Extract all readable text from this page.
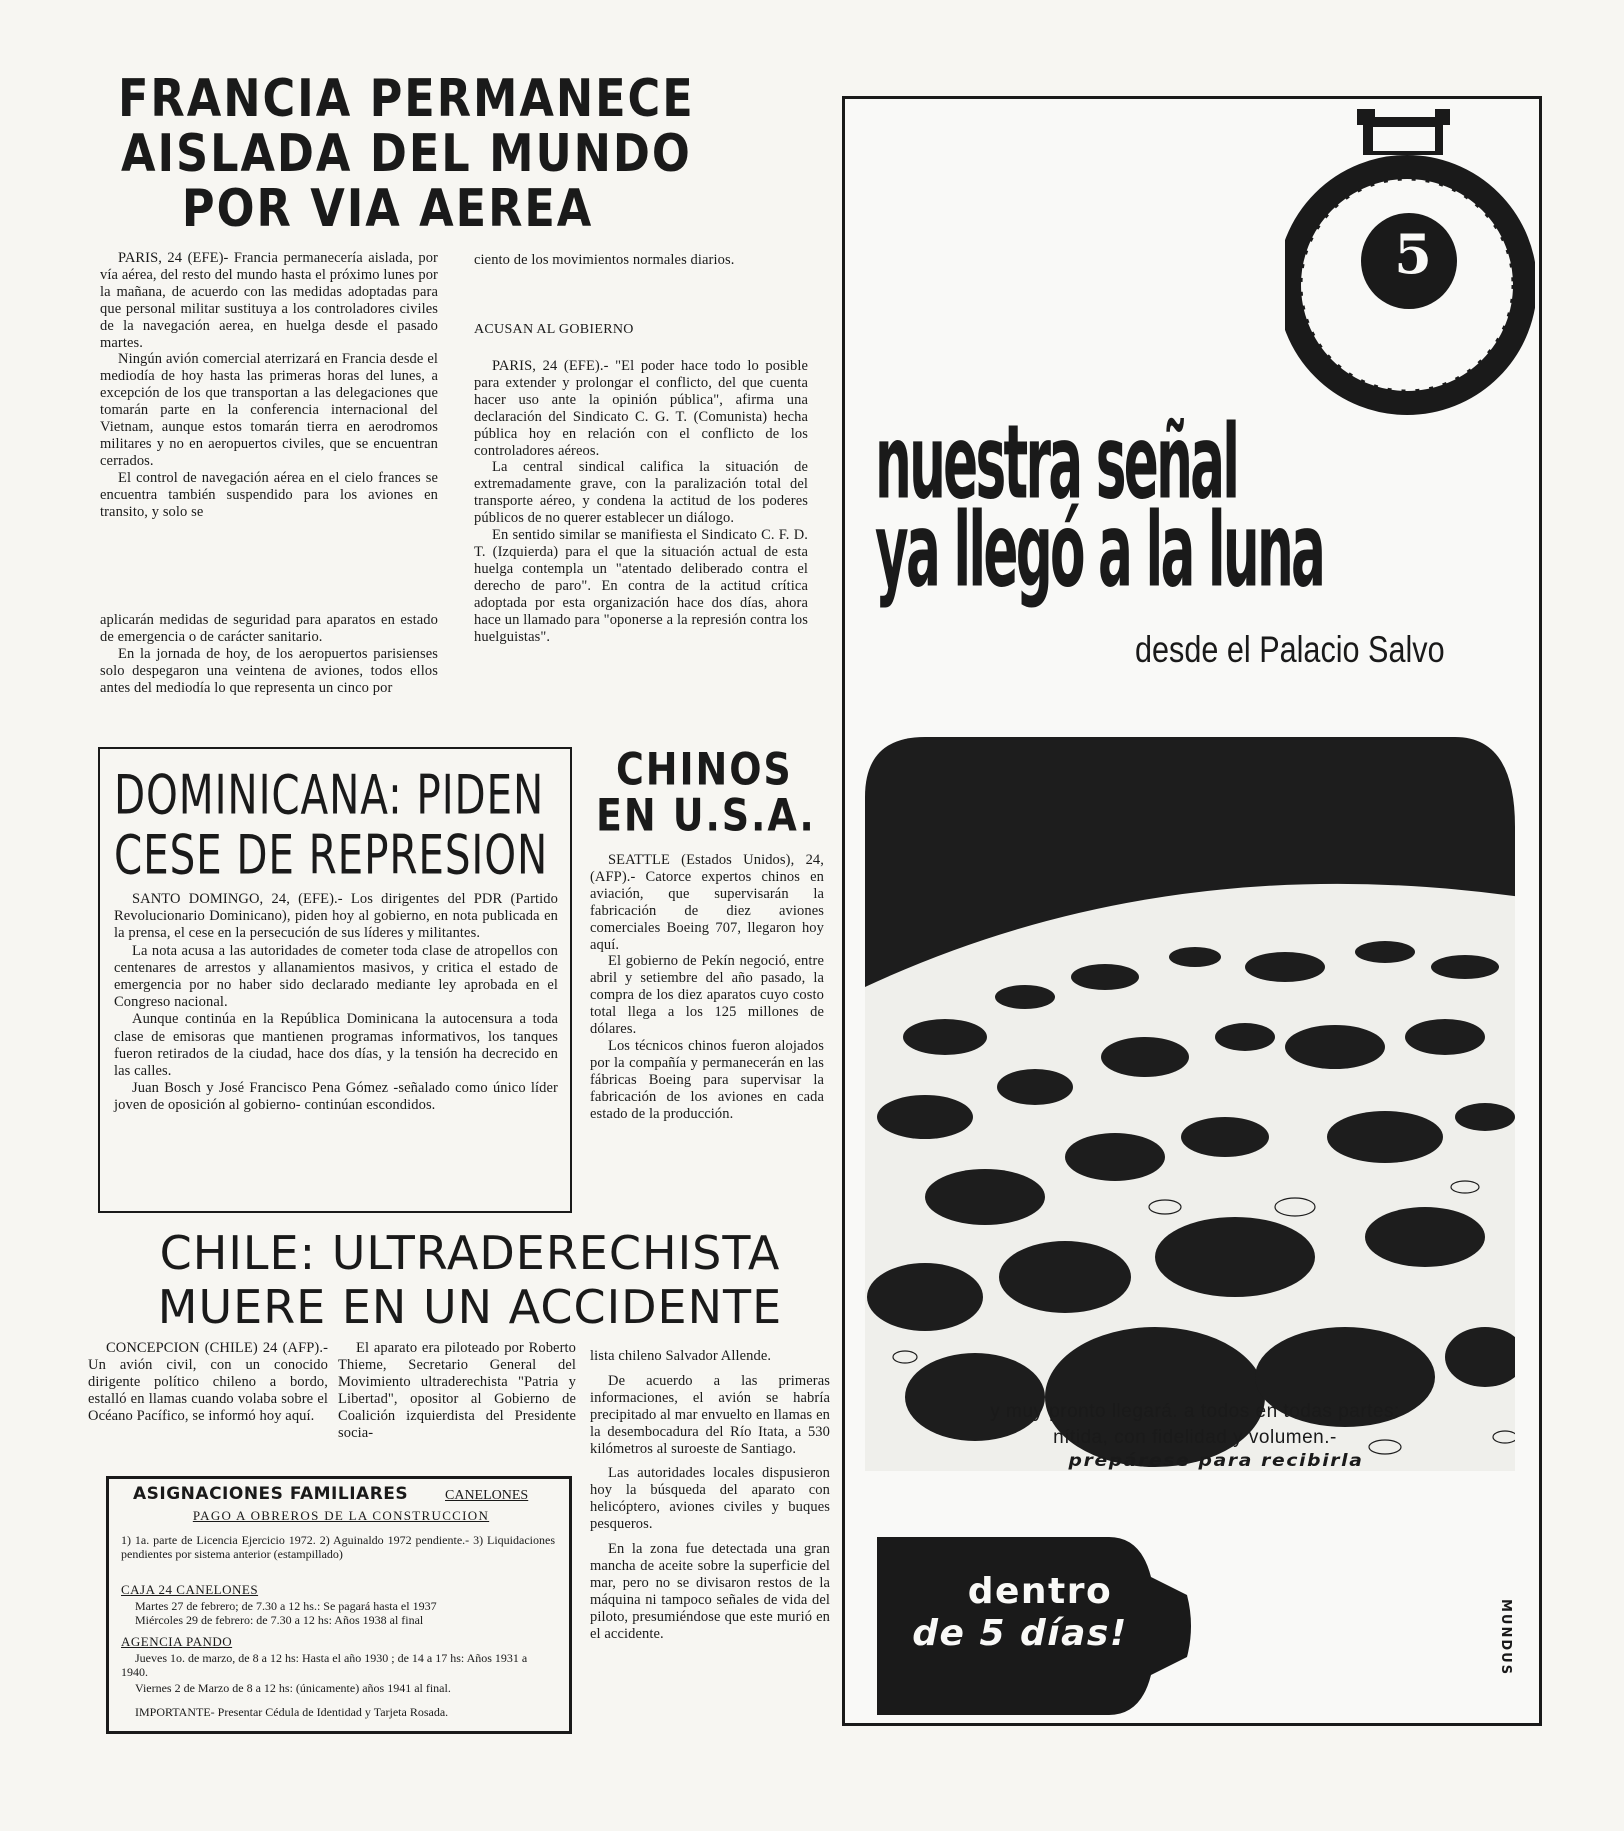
FRANCIA PERMANECE
AISLADA DEL MUNDO
POR VIA AEREA

PARIS, 24 (EFE)- Francia permanecería aislada, por vía aérea, del resto del mundo hasta el próximo lunes por la mañana, de acuerdo con las medidas adoptadas para que personal militar sustituya a los controladores civiles de la navegación aerea, en huelga desde el pasado martes.

Ningún avión comercial aterrizará en Francia desde el mediodía de hoy hasta las primeras horas del lunes, a excepción de los que transportan a las delegaciones que tomarán parte en la conferencia internacional del Vietnam, aunque estos tomarán tierra en aerodromos militares y no en aeropuertos civiles, que se encuentran cerrados.

El control de navegación aérea en el cielo frances se encuentra también suspendido para los aviones en transito, y solo se

aplicarán medidas de seguridad para aparatos en estado de emergencia o de carácter sanitario.

En la jornada de hoy, de los aeropuertos parisienses solo despegaron una veintena de aviones, todos ellos antes del mediodía lo que representa un cinco por

ciento de los movimientos normales diarios.

ACUSAN AL GOBIERNO

PARIS, 24 (EFE).- "El poder hace todo lo posible para extender y prolongar el conflicto, del que cuenta hacer uso ante la opinión pública", afirma una declaración del Sindicato C. G. T. (Comunista) hecha pública hoy en relación con el conflicto de los controladores aéreos.

La central sindical califica la situación de extremadamente grave, con la paralización total del transporte aéreo, y condena la actitud de los poderes públicos de no querer establecer un diálogo.

En sentido similar se manifiesta el Sindicato C. F. D. T. (Izquierda) para el que la situación actual de esta huelga contempla un "atentado deliberado contra el derecho de paro". En contra de la actitud crítica adoptada por esta organización hace dos días, ahora hace un llamado para "oponerse a la represión contra los huelguistas".

DOMINICANA: PIDEN
CESE DE REPRESION

SANTO DOMINGO, 24, (EFE).- Los dirigentes del PDR (Partido Revolucionario Dominicano), piden hoy al gobierno, en nota publicada en la prensa, el cese en la persecución de sus líderes y militantes.

La nota acusa a las autoridades de cometer toda clase de atropellos con centenares de arrestos y allanamientos masivos, y critica el estado de emergencia por no haber sido declarado mediante ley aprobada en el Congreso nacional.

Aunque continúa en la República Dominicana la autocensura a toda clase de emisoras que mantienen programas informativos, los tanques fueron retirados de la ciudad, hace dos días, y la tensión ha decrecido en las calles.

Juan Bosch y José Francisco Pena Gómez -señalado como único líder joven de oposición al gobierno- continúan escondidos.

CHINOS
EN U.S.A.

SEATTLE (Estados Unidos), 24, (AFP).- Catorce expertos chinos en aviación, que supervisarán la fabricación de diez aviones comerciales Boeing 707, llegaron hoy aquí.

El gobierno de Pekín negoció, entre abril y setiembre del año pasado, la compra de los diez aparatos cuyo costo total llega a los 125 millones de dólares.

Los técnicos chinos fueron alojados por la compañía y permanecerán en las fábricas Boeing para supervisar la fabricación de los aviones en cada estado de la producción.

CHILE: ULTRADERECHISTA
MUERE EN UN ACCIDENTE

CONCEPCION (CHILE) 24 (AFP).- Un avión civil, con un conocido dirigente político chileno a bordo, estalló en llamas cuando volaba sobre el Océano Pacífico, se informó hoy aquí.

El aparato era piloteado por Roberto Thieme, Secretario General del Movimiento ultraderechista "Patria y Libertad", opositor al Gobierno de Coalición izquierdista del Presidente socia-

lista chileno Salvador Allende.

De acuerdo a las primeras informaciones, el avión se habría precipitado al mar envuelto en llamas en la desembocadura del Río Itata, a 530 kilómetros al suroeste de Santiago.

Las autoridades locales dispusieron hoy la búsqueda del aparato con helicóptero, aviones civiles y buques pesqueros.

En la zona fue detectada una gran mancha de aceite sobre la superficie del mar, pero no se divisaron restos de la máquina ni tampoco señales de vida del piloto, presumiéndose que este murió en el accidente.

ASIGNACIONES FAMILIARES	CANELONES
PAGO A OBREROS DE LA CONSTRUCCION
1) 1a. parte de Licencia Ejercicio 1972. 2) Aguinaldo 1972 pendiente.- 3) Liquidaciones pendientes por sistema anterior (estampillado)
CAJA 24 CANELONES
Martes 27 de febrero; de 7.30 a 12 hs.: Se pagará hasta el 1937
Miércoles 29 de febrero: de 7.30 a 12 hs: Años 1938 al final
AGENCIA PANDO
Jueves 1o. de marzo, de 8 a 12 hs: Hasta el año 1930 ; de 14 a 17 hs: Años 1931 a 1940.
Viernes 2 de Marzo de 8 a 12 hs: (únicamente) años 1941 al final.
IMPORTANTE- Presentar Cédula de Identidad y Tarjeta Rosada.
5
nuestra señal
ya llegó a la luna
desde el Palacio Salvo
y muy pronto llegará. a todos en todas partes:
nítida, con fidelidad y volumen.-
prepárese para recibirla
dentro
de 5 días!	MUNDUS
